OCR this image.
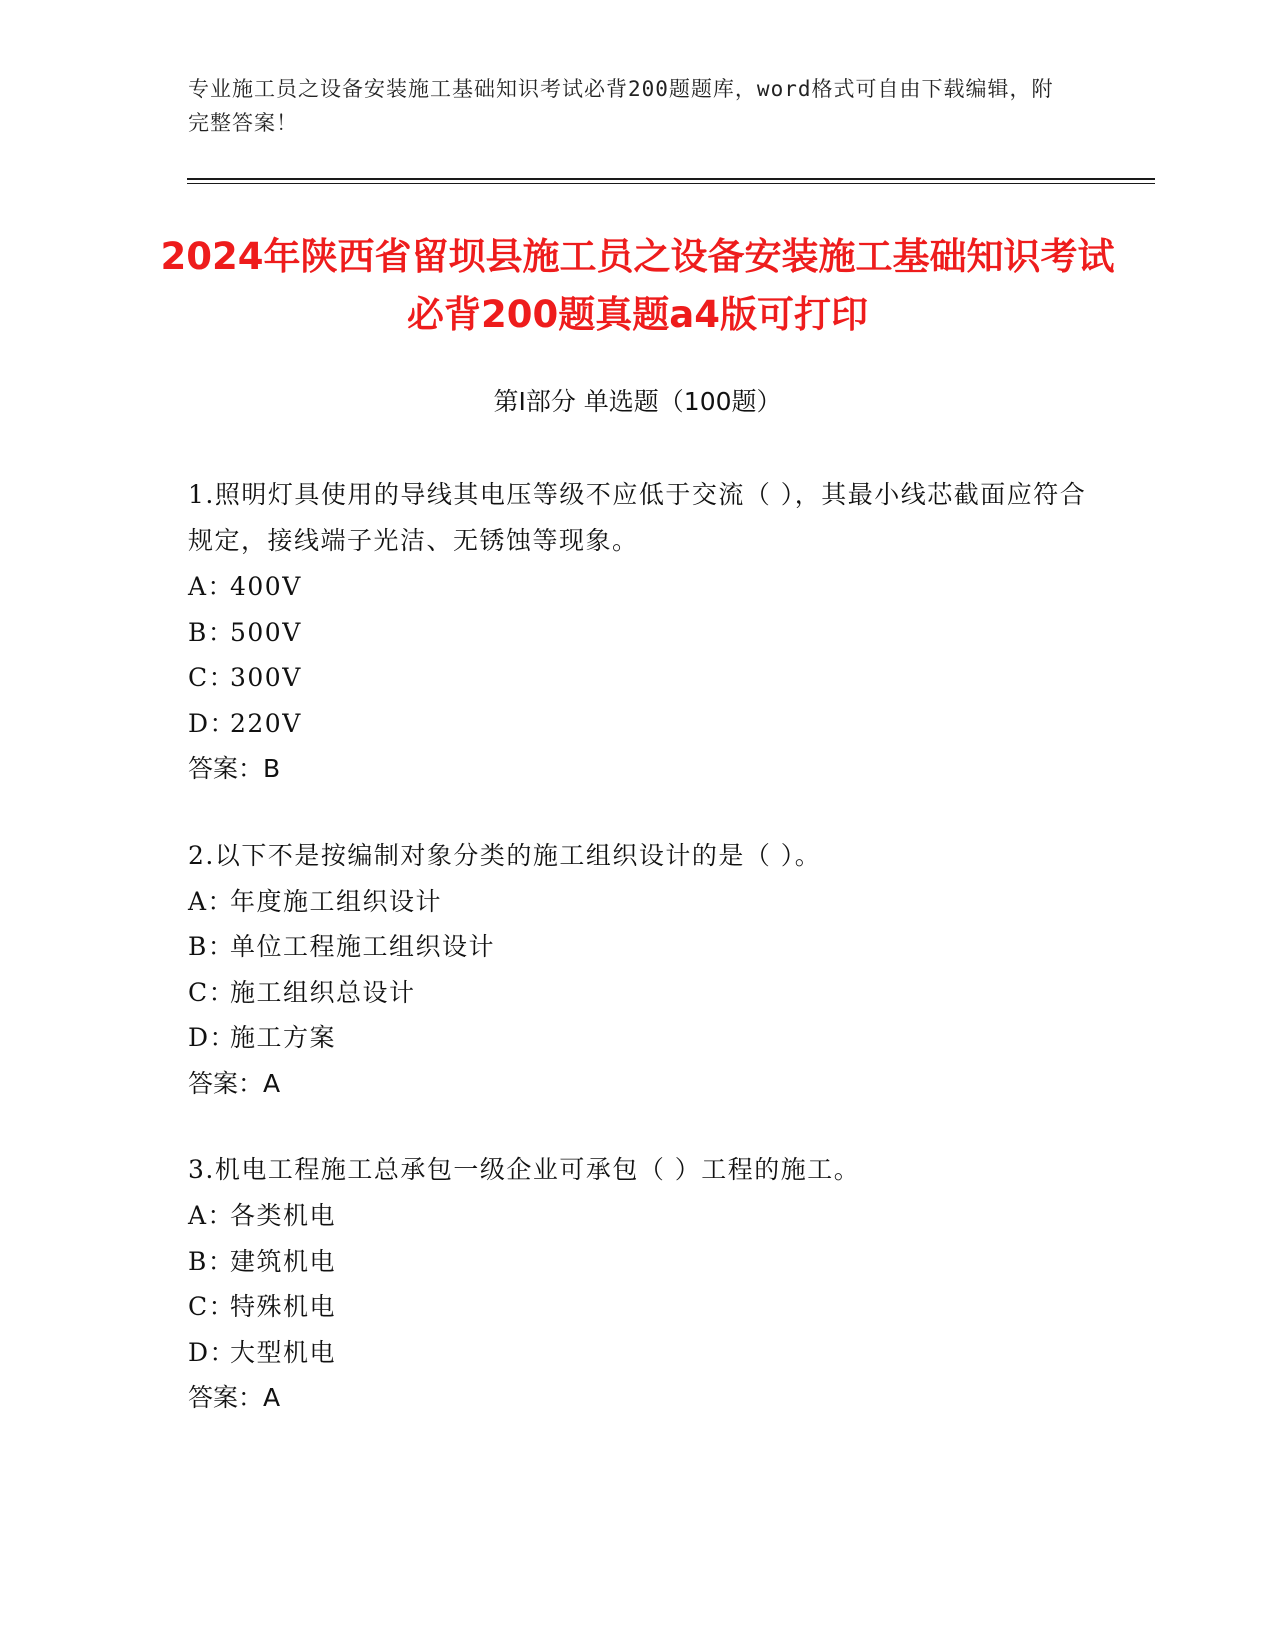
专业施工员之设备安装施工基础知识考试必背200题题库，word格式可自由下载编辑，附完整答案！
2024年陕西省留坝县施工员之设备安装施工基础知识考试必背200题真题a4版可打印
第I部分 单选题（100题）
1.照明灯具使用的导线其电压等级不应低于交流（ ），其最小线芯截面应符合规定，接线端子光洁、无锈蚀等现象。
A：400V
B：500V
C：300V
D：220V
答案：B
2.以下不是按编制对象分类的施工组织设计的是（ ）。
A：年度施工组织设计
B：单位工程施工组织设计
C：施工组织总设计
D：施工方案
答案：A
3.机电工程施工总承包一级企业可承包（ ）工程的施工。
A：各类机电
B：建筑机电
C：特殊机电
D：大型机电
答案：A
